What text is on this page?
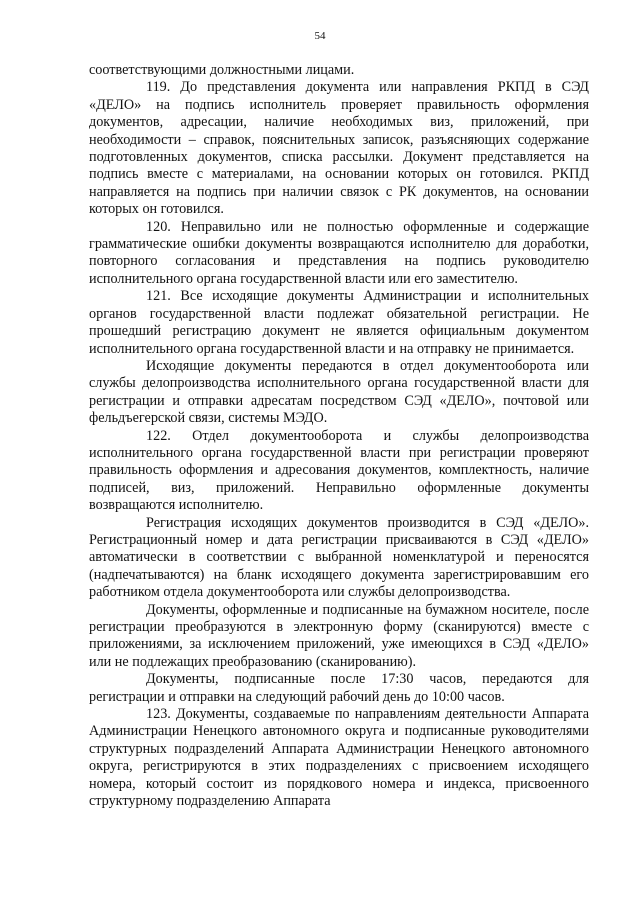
54

соответствующими должностными лицами.

119. До представления документа или направления РКПД в СЭД «ДЕЛО» на подпись исполнитель проверяет правильность оформления документов, адресации, наличие необходимых виз, приложений, при необходимости – справок, пояснительных записок, разъясняющих содержание подготовленных документов, списка рассылки. Документ представляется на подпись вместе с материалами, на основании которых он готовился. РКПД направляется на подпись при наличии связок с РК документов, на основании которых он готовился.

120. Неправильно или не полностью оформленные и содержащие грамматические ошибки документы возвращаются исполнителю для доработки, повторного согласования и представления на подпись руководителю исполнительного органа государственной власти или его заместителю.

121. Все исходящие документы Администрации и исполнительных органов государственной власти подлежат обязательной регистрации. Не прошедший регистрацию документ не является официальным документом исполнительного органа государственной власти и на отправку не принимается.

Исходящие документы передаются в отдел документооборота или службы делопроизводства исполнительного органа государственной власти для регистрации и отправки адресатам посредством СЭД «ДЕЛО», почтовой или фельдъегерской связи, системы МЭДО.

122. Отдел документооборота и службы делопроизводства исполнительного органа государственной власти при регистрации проверяют правильность оформления и адресования документов, комплектность, наличие подписей, виз, приложений. Неправильно оформленные документы возвращаются исполнителю.

Регистрация исходящих документов производится в СЭД «ДЕЛО». Регистрационный номер и дата регистрации присваиваются в СЭД «ДЕЛО» автоматически в соответствии с выбранной номенклатурой и переносятся (надпечатываются) на бланк исходящего документа зарегистрировавшим его работником отдела документооборота или службы делопроизводства.

Документы, оформленные и подписанные на бумажном носителе, после регистрации преобразуются в электронную форму (сканируются) вместе с приложениями, за исключением приложений, уже имеющихся в СЭД «ДЕЛО» или не подлежащих преобразованию (сканированию).

Документы, подписанные после 17:30 часов, передаются для регистрации и отправки на следующий рабочий день до 10:00 часов.

123. Документы, создаваемые по направлениям деятельности Аппарата Администрации Ненецкого автономного округа и подписанные руководителями структурных подразделений Аппарата Администрации Ненецкого автономного округа, регистрируются в этих подразделениях с присвоением исходящего номера, который состоит из порядкового номера и индекса, присвоенного структурному подразделению Аппарата
